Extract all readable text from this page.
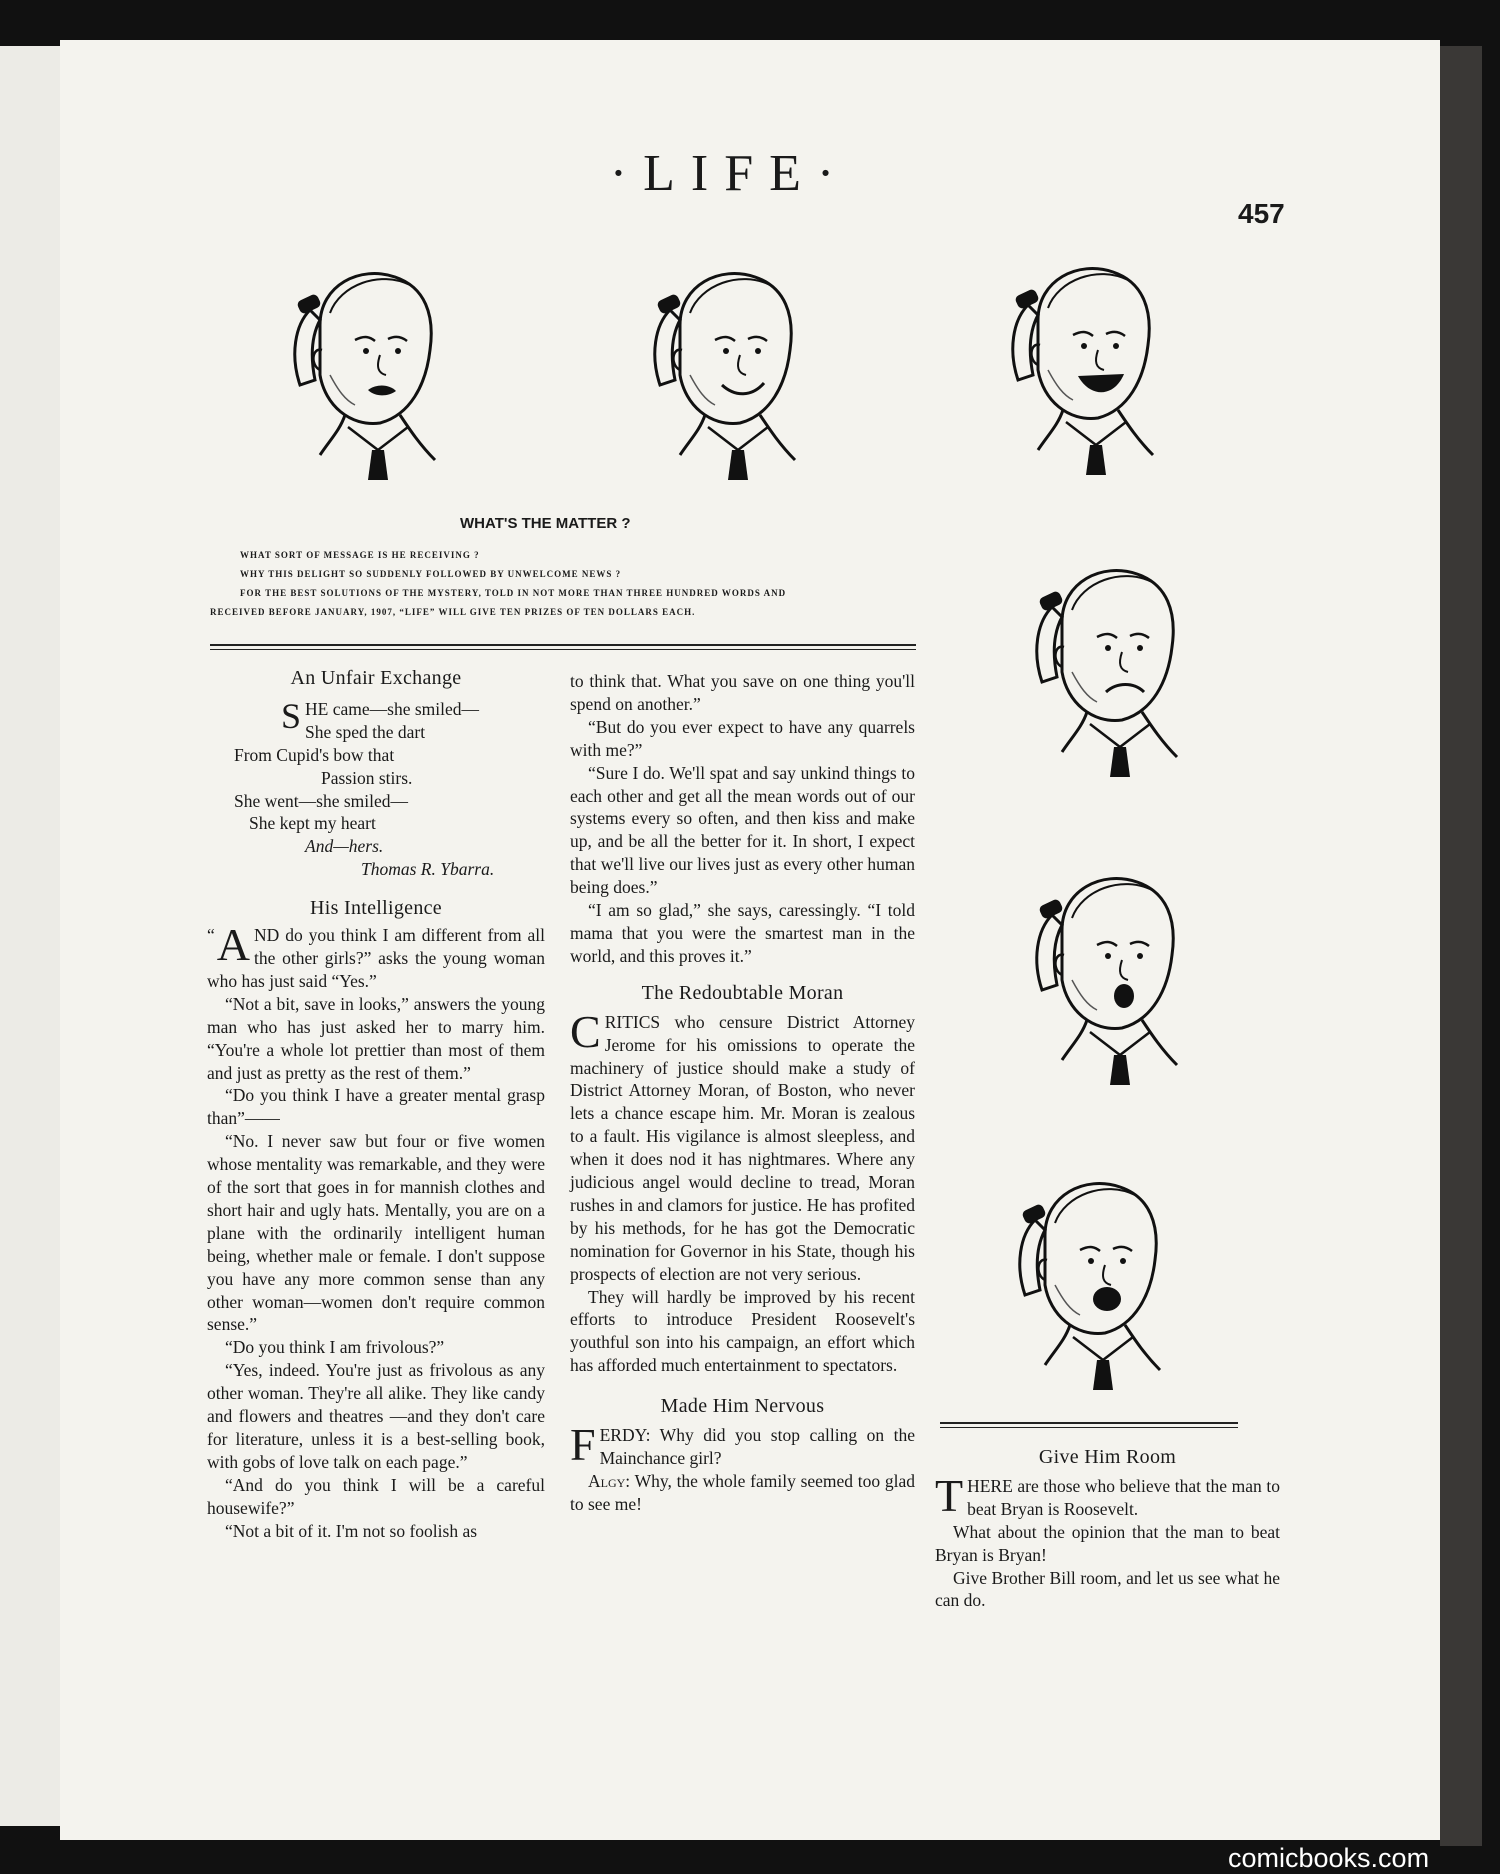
·LIFE·
457
WHAT'S THE MATTER ?
WHAT SORT OF MESSAGE IS HE RECEIVING ?
WHY THIS DELIGHT SO SUDDENLY FOLLOWED BY UNWELCOME NEWS ?
FOR THE BEST SOLUTIONS OF THE MYSTERY, TOLD IN NOT MORE THAN THREE HUNDRED WORDS AND
RECEIVED BEFORE JANUARY, 1907, “LIFE” WILL GIVE TEN PRIZES OF TEN DOLLARS EACH.
An Unfair Exchange
S HE came—she smiled—
She sped the dart
From Cupid's bow that
Passion stirs.
She went—she smiled—
She kept my heart
And—hers.
Thomas R. Ybarra.
His Intelligence

“ A ND do you think I am different from all the other girls?” asks the young woman who has just said “Yes.”

“Not a bit, save in looks,” answers the young man who has just asked her to marry him. “You're a whole lot prettier than most of them and just as pretty as the rest of them.”

“Do you think I have a greater mental grasp than”——

“No. I never saw but four or five women whose mentality was remarkable, and they were of the sort that goes in for mannish clothes and short hair and ugly hats. Mentally, you are on a plane with the ordinarily intelligent human being, whether male or female. I don't suppose you have any more common sense than any other woman—women don't require common sense.”

“Do you think I am frivolous?”

“Yes, indeed. You're just as frivolous as any other woman. They're all alike. They like candy and flowers and theatres —and they don't care for literature, unless it is a best-selling book, with gobs of love talk on each page.”

“And do you think I will be a careful housewife?”

“Not a bit of it. I'm not so foolish as

to think that. What you save on one thing you'll spend on another.”

“But do you ever expect to have any quarrels with me?”

“Sure I do. We'll spat and say unkind things to each other and get all the mean words out of our systems every so often, and then kiss and make up, and be all the better for it. In short, I expect that we'll live our lives just as every other human being does.”

“I am so glad,” she says, caressingly. “I told mama that you were the smartest man in the world, and this proves it.”

The Redoubtable Moran

CRITICS who censure District Attorney Jerome for his omissions to operate the machinery of justice should make a study of District Attorney Moran, of Boston, who never lets a chance escape him. Mr. Moran is zealous to a fault. His vigilance is almost sleepless, and when it does nod it has nightmares. Where any judicious angel would decline to tread, Moran rushes in and clamors for justice. He has profited by his methods, for he has got the Democratic nomination for Governor in his State, though his prospects of election are not very serious.

They will hardly be improved by his recent efforts to introduce President Roosevelt's youthful son into his campaign, an effort which has afforded much entertainment to spectators.

Made Him Nervous

FERDY: Why did you stop calling on the Mainchance girl?

Algy: Why, the whole family seemed too glad to see me!

Give Him Room

THERE are those who believe that the man to beat Bryan is Roosevelt.

What about the opinion that the man to beat Bryan is Bryan!

Give Brother Bill room, and let us see what he can do.

comicbooks.com
